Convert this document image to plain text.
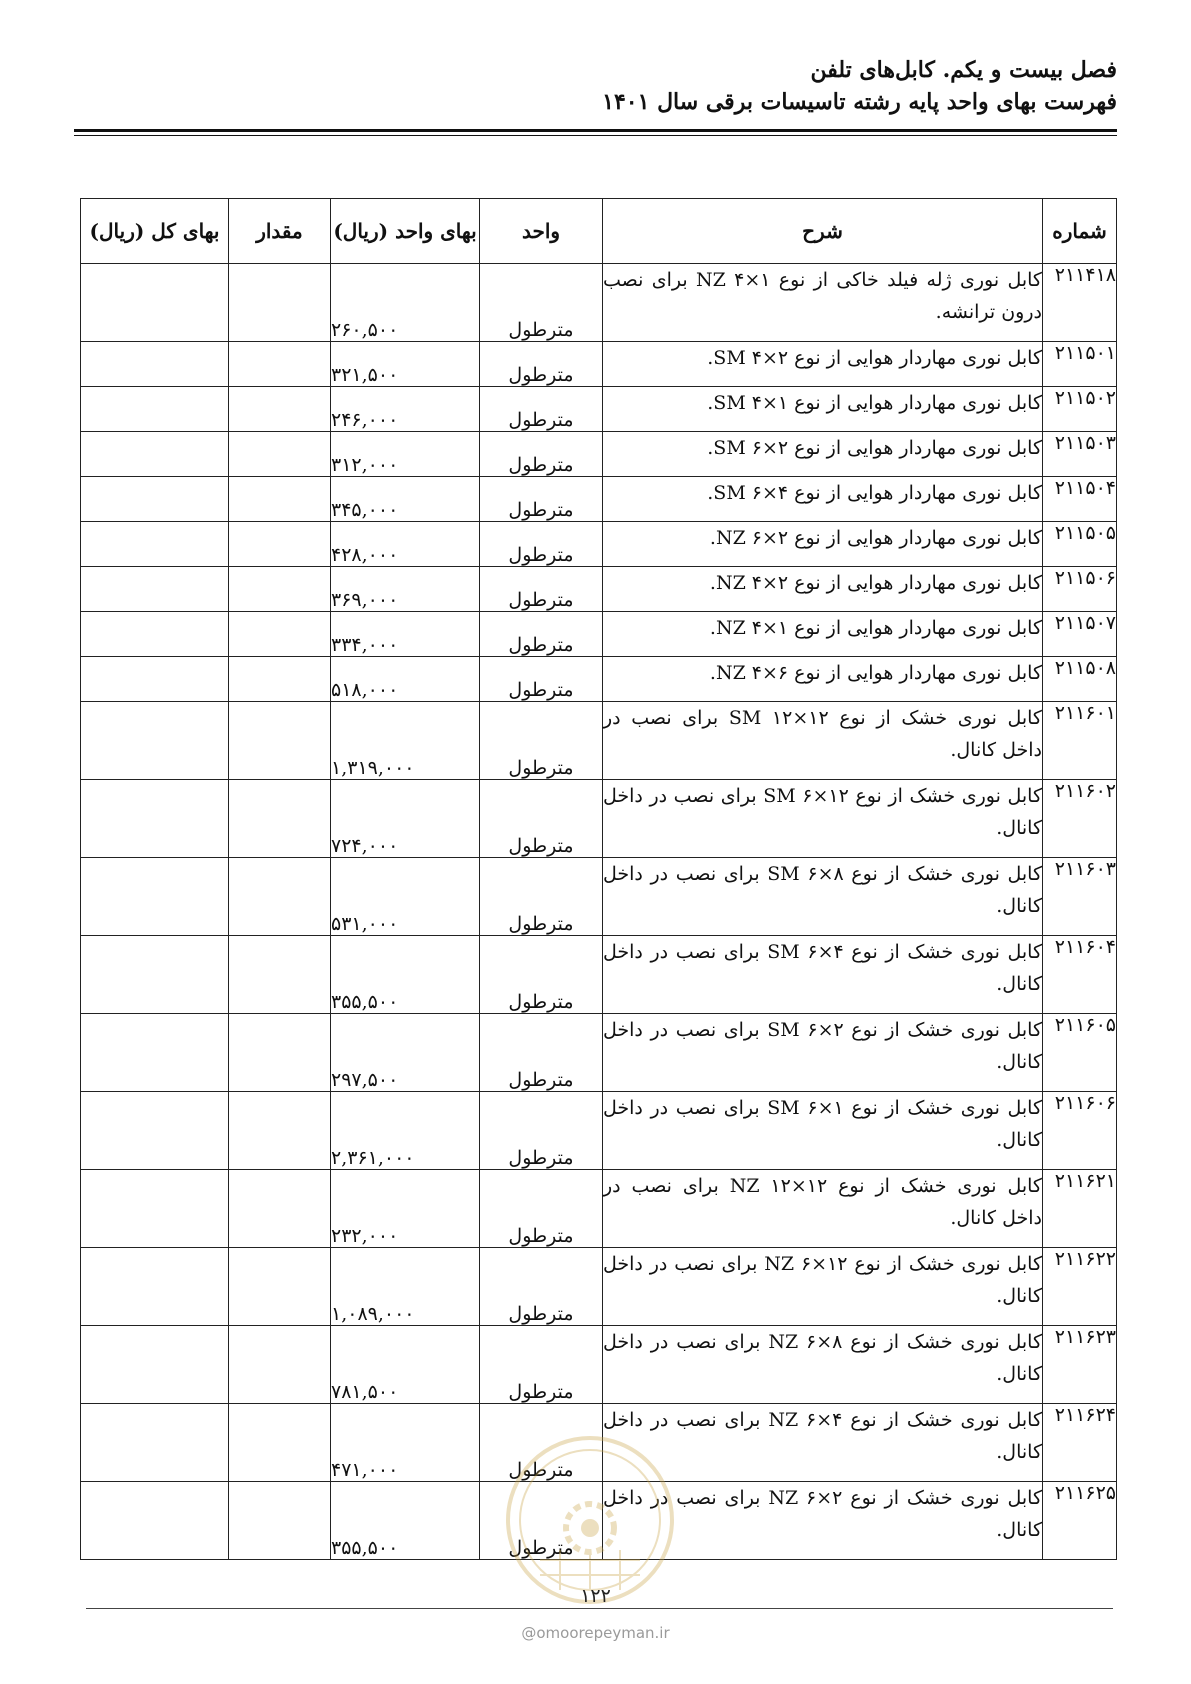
فصل بیست و یکم. کابل‌های تلفن
فهرست بهای واحد پایه رشته تاسیسات برقی سال ۱۴۰۱
شماره	شرح	واحد	بهای واحد (ریال)	مقدار	بهای کل (ریال)
۲۱۱۴۱۸	کابل نوری ژله فیلد خاکی از نوع NZ ۴×۱ برای نصب درون ترانشه.	مترطول	۲۶۰,۵۰۰		
۲۱۱۵۰۱	کابل نوری مهاردار هوایی از نوع SM ۴×۲.	مترطول	۳۲۱,۵۰۰		
۲۱۱۵۰۲	کابل نوری مهاردار هوایی از نوع SM ۴×۱.	مترطول	۲۴۶,۰۰۰		
۲۱۱۵۰۳	کابل نوری مهاردار هوایی از نوع SM ۶×۲.	مترطول	۳۱۲,۰۰۰		
۲۱۱۵۰۴	کابل نوری مهاردار هوایی از نوع SM ۶×۴.	مترطول	۳۴۵,۰۰۰		
۲۱۱۵۰۵	کابل نوری مهاردار هوایی از نوع NZ ۶×۲.	مترطول	۴۲۸,۰۰۰		
۲۱۱۵۰۶	کابل نوری مهاردار هوایی از نوع NZ ۴×۲.	مترطول	۳۶۹,۰۰۰		
۲۱۱۵۰۷	کابل نوری مهاردار هوایی از نوع NZ ۴×۱.	مترطول	۳۳۴,۰۰۰		
۲۱۱۵۰۸	کابل نوری مهاردار هوایی از نوع NZ ۴×۶.	مترطول	۵۱۸,۰۰۰		
۲۱۱۶۰۱	کابل نوری خشک از نوع SM ۱۲×۱۲ برای نصب در داخل کانال.	مترطول	۱,۳۱۹,۰۰۰		
۲۱۱۶۰۲	کابل نوری خشک از نوع SM ۶×۱۲ برای نصب در داخل کانال.	مترطول	۷۲۴,۰۰۰		
۲۱۱۶۰۳	کابل نوری خشک از نوع SM ۶×۸ برای نصب در داخل کانال.	مترطول	۵۳۱,۰۰۰		
۲۱۱۶۰۴	کابل نوری خشک از نوع SM ۶×۴ برای نصب در داخل کانال.	مترطول	۳۵۵,۵۰۰		
۲۱۱۶۰۵	کابل نوری خشک از نوع SM ۶×۲ برای نصب در داخل کانال.	مترطول	۲۹۷,۵۰۰		
۲۱۱۶۰۶	کابل نوری خشک از نوع SM ۶×۱ برای نصب در داخل کانال.	مترطول	۲,۳۶۱,۰۰۰		
۲۱۱۶۲۱	کابل نوری خشک از نوع NZ ۱۲×۱۲ برای نصب در داخل کانال.	مترطول	۲۳۲,۰۰۰		
۲۱۱۶۲۲	کابل نوری خشک از نوع NZ ۶×۱۲ برای نصب در داخل کانال.	مترطول	۱,۰۸۹,۰۰۰		
۲۱۱۶۲۳	کابل نوری خشک از نوع NZ ۶×۸ برای نصب در داخل کانال.	مترطول	۷۸۱,۵۰۰		
۲۱۱۶۲۴	کابل نوری خشک از نوع NZ ۶×۴ برای نصب در داخل کانال.	مترطول	۴۷۱,۰۰۰		
۲۱۱۶۲۵	کابل نوری خشک از نوع NZ ۶×۲ برای نصب در داخل کانال.	مترطول	۳۵۵,۵۰۰		
۱۲۲
@omoorepeyman.ir
